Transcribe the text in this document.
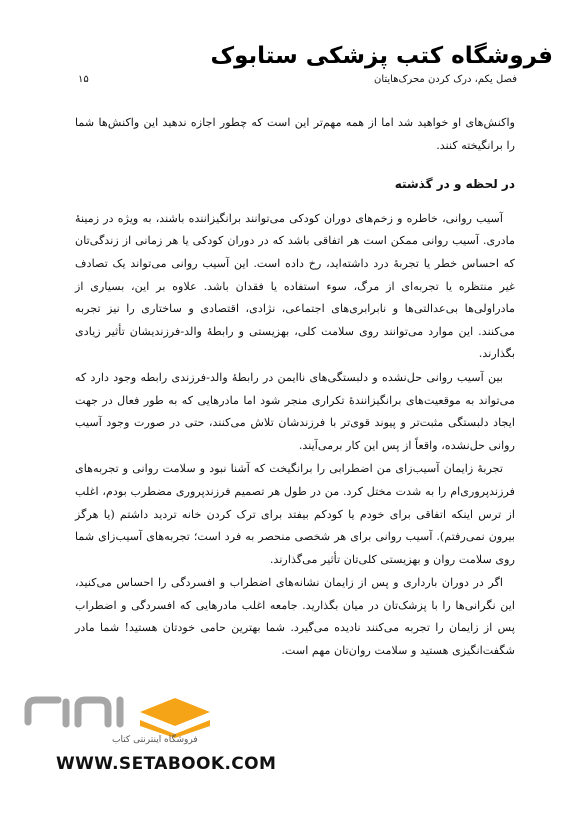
فروشگاه کتب پزشکی ستابوک
فصل یکم، درک کردن محرک‌هایتان
۱۵

واکنش‌های او خواهید شد اما از همه مهم‌تر این است که چطور اجازه ندهید این واکنش‌ها شما را برانگیخته کنند.

در لحظه و در گذشته

آسیب روانی، خاطره و زخم‌های دوران کودکی می‌توانند برانگیزاننده باشند، به ویژه در زمینهٔ مادری. آسیب روانی ممکن است هر اتفاقی باشد که در دوران کودکی یا هر زمانی از زندگی‌تان که احساس خطر یا تجربهٔ درد داشته‌اید، رخ داده است. این آسیب روانی می‌تواند یک تصادف غیر منتظره یا تجربه‌ای از مرگ، سوء استفاده یا فقدان باشد. علاوه بر این، بسیاری از مادراولی‌ها بی‌عدالتی‌ها و نابرابری‌های اجتماعی، نژادی، اقتصادی و ساختاری را نیز تجربه می‌کنند. این موارد می‌توانند روی سلامت کلی، بهزیستی و رابطهٔ والد-فرزندیشان تأثیر زیادی بگذارند.

بین آسیب روانی حل‌نشده و دلبستگی‌های ناایمن در رابطهٔ والد-فرزندی رابطه وجود دارد که می‌تواند به موقعیت‌های برانگیزانندهٔ تکراری منجر شود اما مادرهایی که به طور فعال در جهت ایجاد دلبستگی مثبت‌تر و پیوند قوی‌تر با فرزندشان تلاش می‌کنند، حتی در صورت وجود آسیب روانی حل‌نشده، واقعاً از پس این کار برمی‌آیند.

تجربهٔ زایمان آسیب‌زای من اضطرابی را برانگیخت که آشنا نبود و سلامت روانی و تجربه‌های فرزندپروری‌ام را به شدت مختل کرد. من در طول هر تصمیم فرزندپروری مضطرب بودم، اغلب از ترس اینکه اتفاقی برای خودم یا کودکم بیفتد برای ترک کردن خانه تردید داشتم (یا هرگز بیرون نمی‌رفتم). آسیب روانی برای هر شخصی منحصر به فرد است؛ تجربه‌های آسیب‌زای شما روی سلامت روان و بهزیستی کلی‌تان تأثیر می‌گذارند.

اگر در دوران بارداری و پس از زایمان نشانه‌های اضطراب و افسردگی را احساس می‌کنید، این نگرانی‌ها را با پزشک‌تان در میان بگذارید. جامعه اغلب مادرهایی که افسردگی و اضطراب پس از زایمان را تجربه می‌کنند نادیده می‌گیرد. شما بهترین حامی خودتان هستید! شما مادر شگفت‌انگیزی هستید و سلامت روان‌تان مهم است.

فروشگاه اینترنتی کتاب
WWW.SETABOOK.COM
